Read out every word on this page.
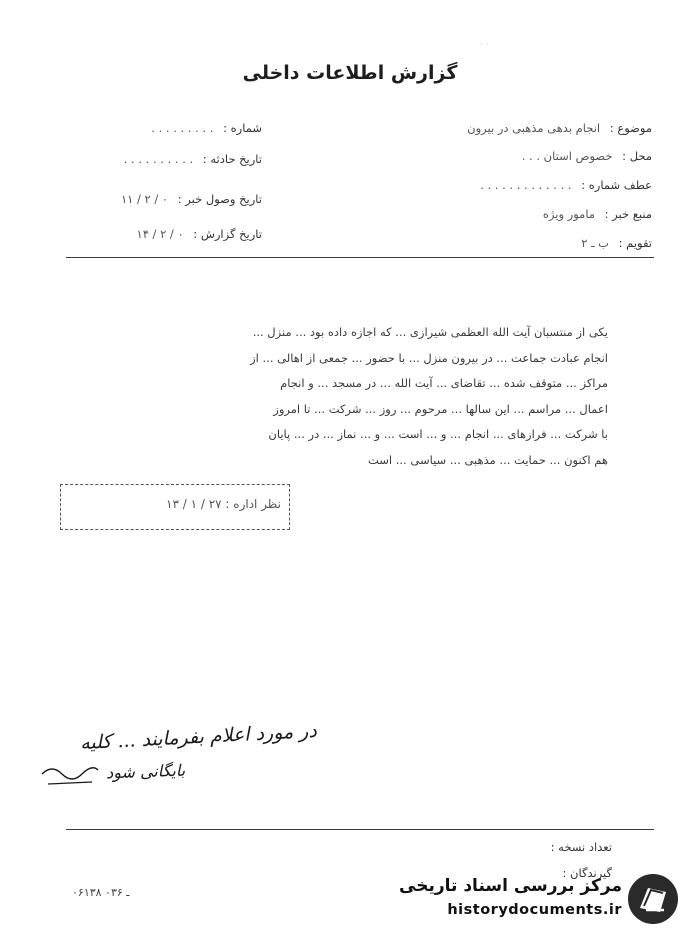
· ·
گزارش اطلاعات داخلی
موضوع : انجام بدهی مذهبی در بیرون
محل : خصوص استان . . .
عطف شماره : . . . . . . . . . . . . .
منبع خبر : مامور ویژه
تقویم : ب ـ ۲
شماره : . . . . . . . . .
تاریخ حادثه : . . . . . . . . . .
تاریخ وصول خبر : ۰ / ۲ / ۱۱
تاریخ گزارش : ۰ / ۲ / ۱۴

یکی از منتسبان آیت الله العظمی شیرازی ... که اجازه داده بود ... منزل ...

انجام عبادت جماعت ... در بیرون منزل ... با حضور ... جمعی از اهالی ... از

مراکز ... متوقف شده ... تقاضای ... آیت الله ... در مسجد ... و انجام

اعمال ... مراسم ... این سالها ... مرحوم ... روز ... شرکت ... تا امروز

با شرکت ... فرازهای ... انجام ... و ... است ... و ... نماز ... در ... پایان

هم اکنون ... حمایت ... مذهبی ... سیاسی ... است

نظر اداره : ۲۷ / ۱ / ۱۳
در مورد اعلام بفرمایند ... کلیه
بایگانی شود
تعداد نسخه :
گیرندگان :
۰۶۱۳۸ ـ ۰۳۶	مرکز بررسی اسناد تاریخی
historydocuments.ir
